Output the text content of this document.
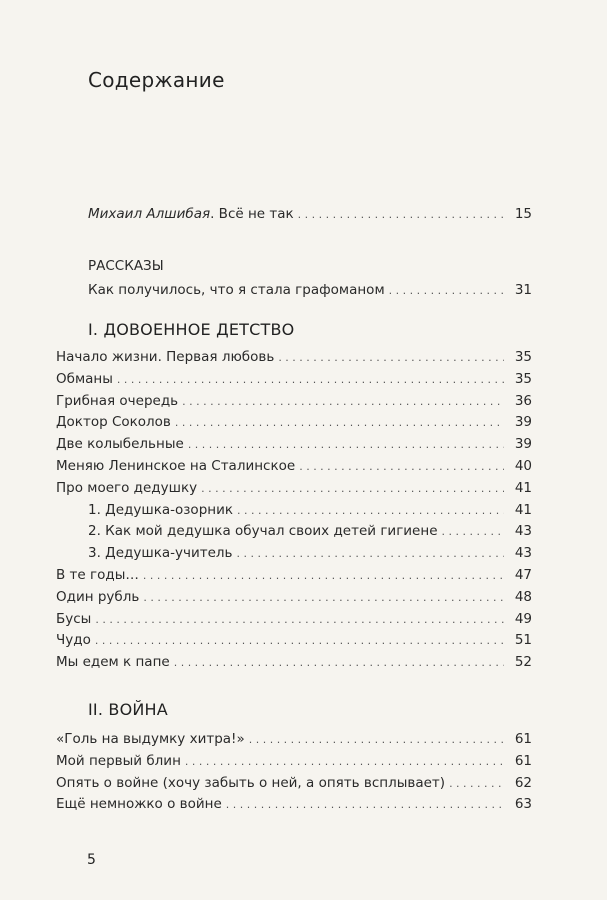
Содержание
Михаил Алшибая. Всё не так . . .	15
РАССКАЗЫ
Как получилось, что я стала графоманом . . .	31
I. ДОВОЕННОЕ ДЕТСТВО
Начало жизни. Первая любовь . . .	35
Обманы . . .	35
Грибная очередь . . .	36
Доктор Соколов . . .	39
Две колыбельные . . .	39
Меняю Ленинское на Сталинское . . .	40
Про моего дедушку . . .	41
1. Дедушка-озорник . . .	41
2. Как мой дедушка обучал своих детей гигиене . . .	43
3. Дедушка-учитель . . .	43
В те годы… . . .	47
Один рубль . . .	48
Бусы . . .	49
Чудо . . .	51
Мы едем к папе . . .	52
II. ВОЙНА
«Голь на выдумку хитра!» . . .	61
Мой первый блин . . .	61
Опять о войне (хочу забыть о ней, а опять всплывает) . . .	62
Ещё немножко о войне . . .	63
5
